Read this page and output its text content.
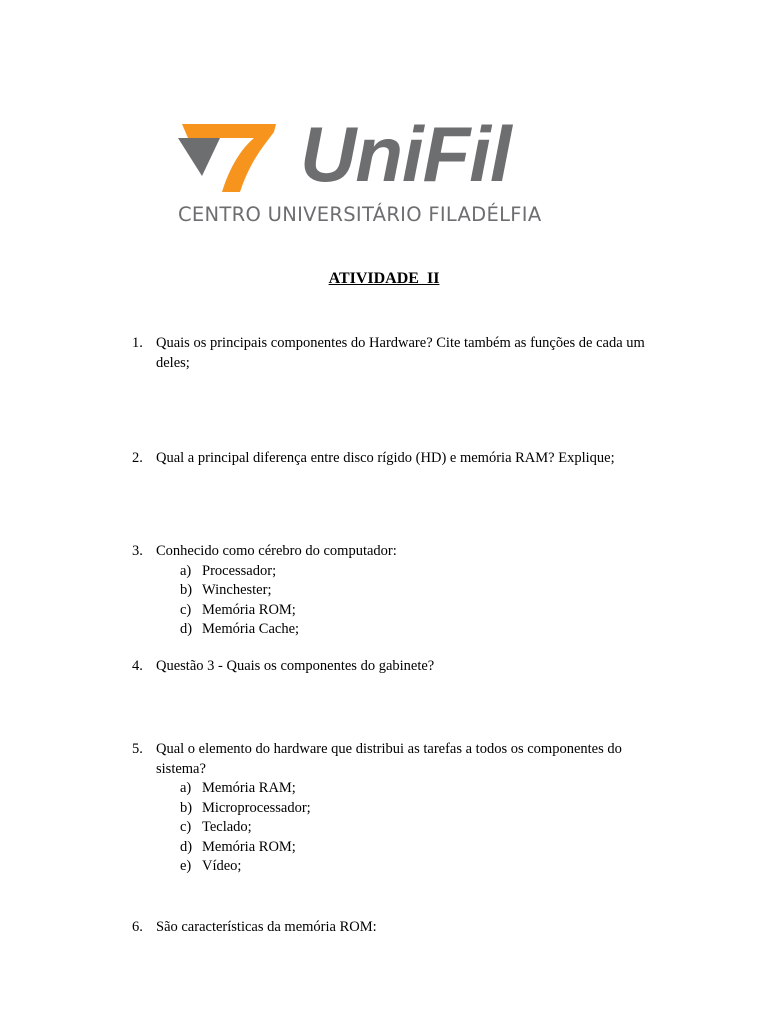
UniFil
CENTRO UNIVERSITÁRIO FILADÉLFIA
ATIVIDADE  II
1. Quais os principais componentes do Hardware? Cite também as funções de cada um deles;
2. Qual a principal diferença entre disco rígido (HD) e memória RAM? Explique;
3. Conhecido como cérebro do computador:
a) Processador;
b) Winchester;
c) Memória ROM;
d) Memória Cache;
4. Questão 3 - Quais os componentes do gabinete?
5. Qual o elemento do hardware que distribui as tarefas a todos os componentes do sistema?
a) Memória RAM;
b) Microprocessador;
c) Teclado;
d) Memória ROM;
e) Vídeo;
6. São características da memória ROM:
